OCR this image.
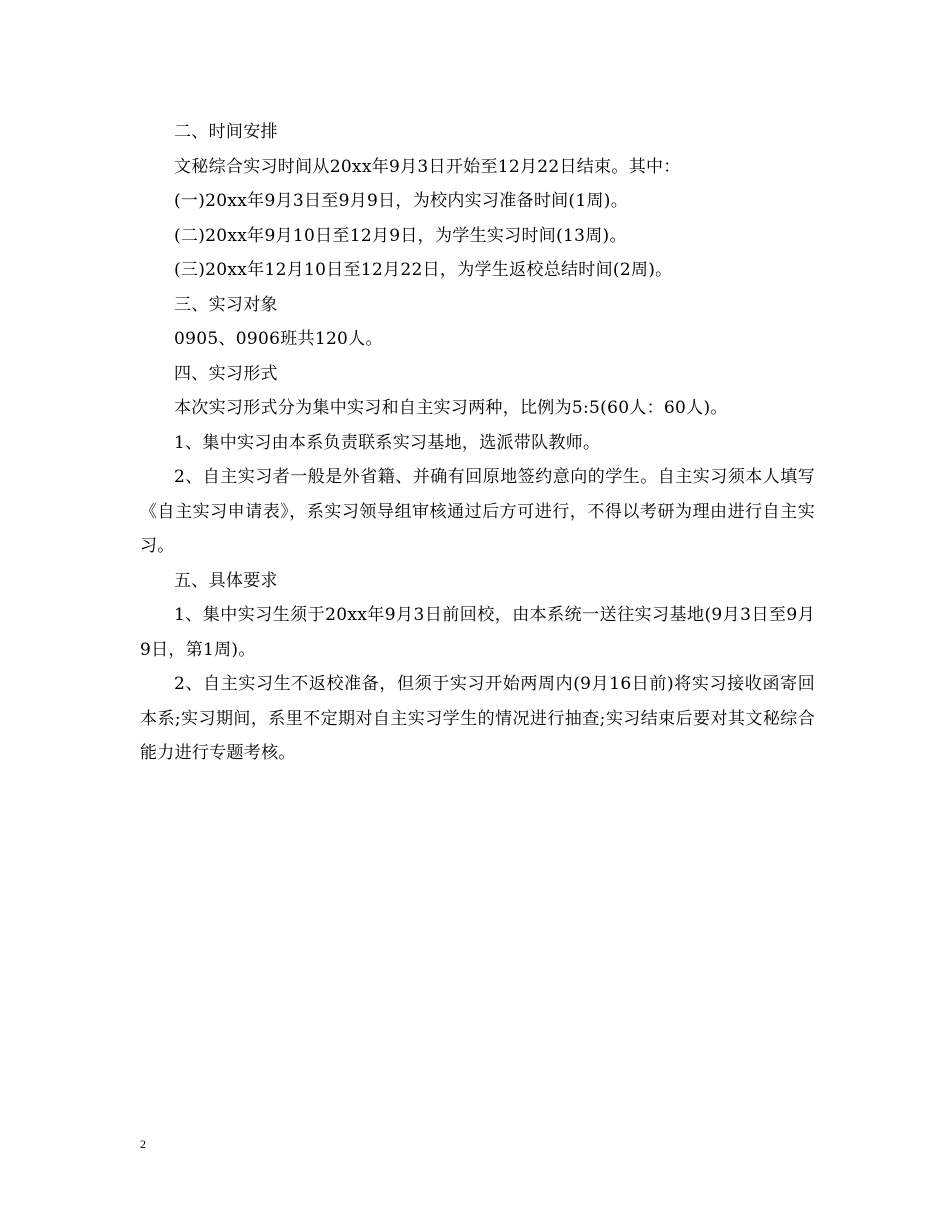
二、时间安排

文秘综合实习时间从20xx年9月3日开始至12月22日结束。其中：

(一)20xx年9月3日至9月9日，为校内实习准备时间(1周)。

(二)20xx年9月10日至12月9日，为学生实习时间(13周)。

(三)20xx年12月10日至12月22日，为学生返校总结时间(2周)。

三、实习对象

0905、0906班共120人。

四、实习形式

本次实习形式分为集中实习和自主实习两种，比例为5:5(60人：60人)。

1、集中实习由本系负责联系实习基地，选派带队教师。

2、自主实习者一般是外省籍、并确有回原地签约意向的学生。自主实习须本人填写《自主实习申请表》，系实习领导组审核通过后方可进行，不得以考研为理由进行自主实习。

五、具体要求

1、集中实习生须于20xx年9月3日前回校，由本系统一送往实习基地(9月3日至9月9日，第1周)。

2、自主实习生不返校准备，但须于实习开始两周内(9月16日前)将实习接收函寄回本系;实习期间，系里不定期对自主实习学生的情况进行抽查;实习结束后要对其文秘综合能力进行专题考核。

2
